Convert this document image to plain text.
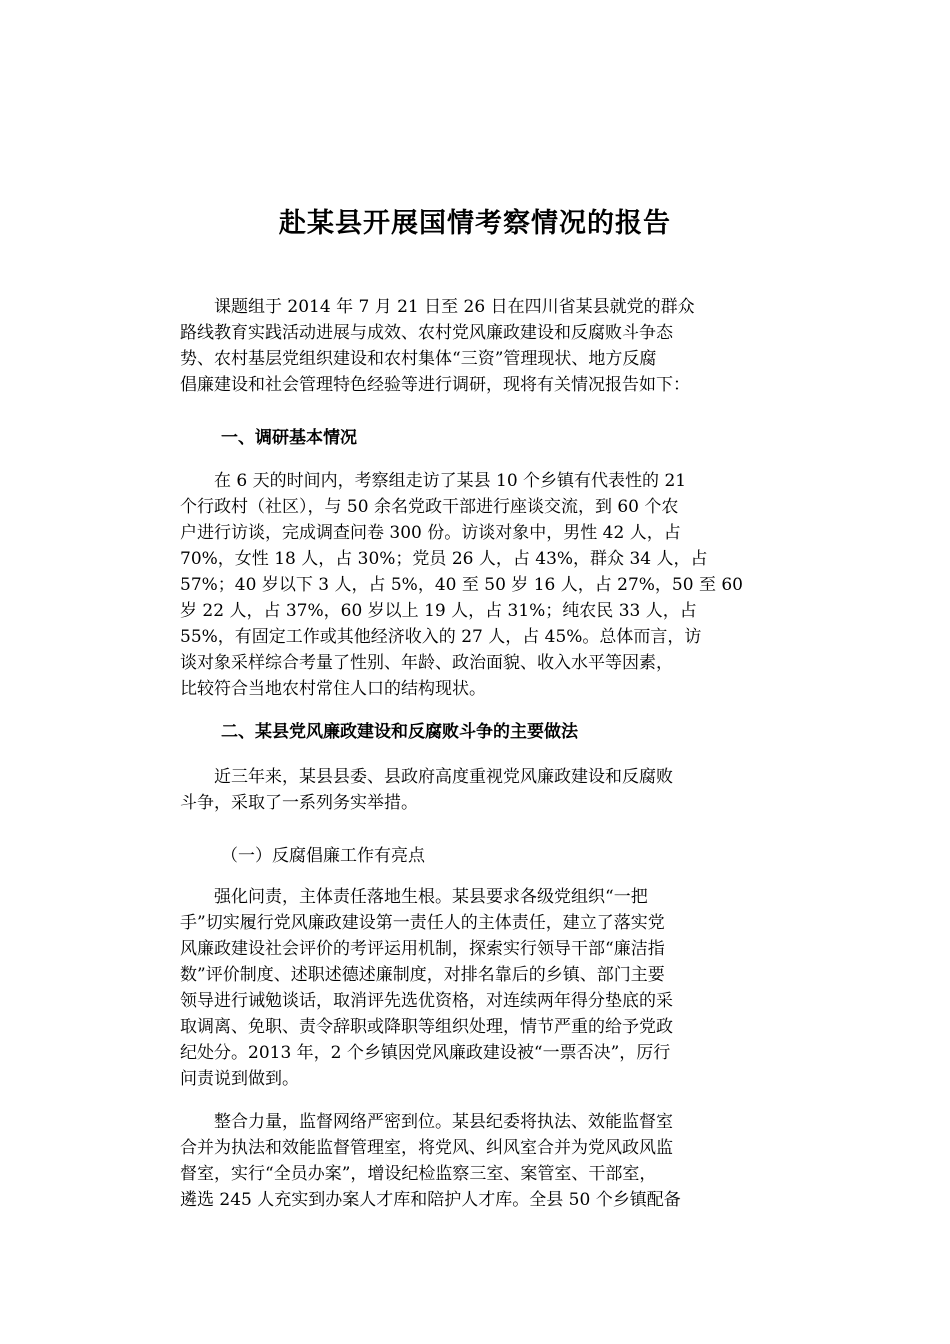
赴某县开展国情考察情况的报告
　　课题组于 2014 年 7 月 21 日至 26 日在四川省某县就党的群众
路线教育实践活动进展与成效、农村党风廉政建设和反腐败斗争态
势、农村基层党组织建设和农村集体“三资”管理现状、地方反腐
倡廉建设和社会管理特色经验等进行调研，现将有关情况报告如下：
一、调研基本情况
　　在 6 天的时间内，考察组走访了某县 10 个乡镇有代表性的 21
个行政村（社区），与 50 余名党政干部进行座谈交流，到 60 个农
户进行访谈，完成调查问卷 300 份。访谈对象中，男性 42 人，占
70%，女性 18 人，占 30%；党员 26 人，占 43%，群众 34 人，占
57%；40 岁以下 3 人，占 5%，40 至 50 岁 16 人，占 27%，50 至 60
岁 22 人，占 37%，60 岁以上 19 人，占 31%；纯农民 33 人，占
55%，有固定工作或其他经济收入的 27 人，占 45%。总体而言，访
谈对象采样综合考量了性别、年龄、政治面貌、收入水平等因素，
比较符合当地农村常住人口的结构现状。
二、某县党风廉政建设和反腐败斗争的主要做法
　　近三年来，某县县委、县政府高度重视党风廉政建设和反腐败
斗争，采取了一系列务实举措。
（一）反腐倡廉工作有亮点
　　强化问责，主体责任落地生根。某县要求各级党组织“一把
手”切实履行党风廉政建设第一责任人的主体责任，建立了落实党
风廉政建设社会评价的考评运用机制，探索实行领导干部“廉洁指
数”评价制度、述职述德述廉制度，对排名靠后的乡镇、部门主要
领导进行诫勉谈话，取消评先选优资格，对连续两年得分垫底的采
取调离、免职、责令辞职或降职等组织处理，情节严重的给予党政
纪处分。2013 年，2 个乡镇因党风廉政建设被“一票否决”，厉行
问责说到做到。
　　整合力量，监督网络严密到位。某县纪委将执法、效能监督室
合并为执法和效能监督管理室，将党风、纠风室合并为党风政风监
督室，实行“全员办案”，增设纪检监察三室、案管室、干部室，
遴选 245 人充实到办案人才库和陪护人才库。全县 50 个乡镇配备
